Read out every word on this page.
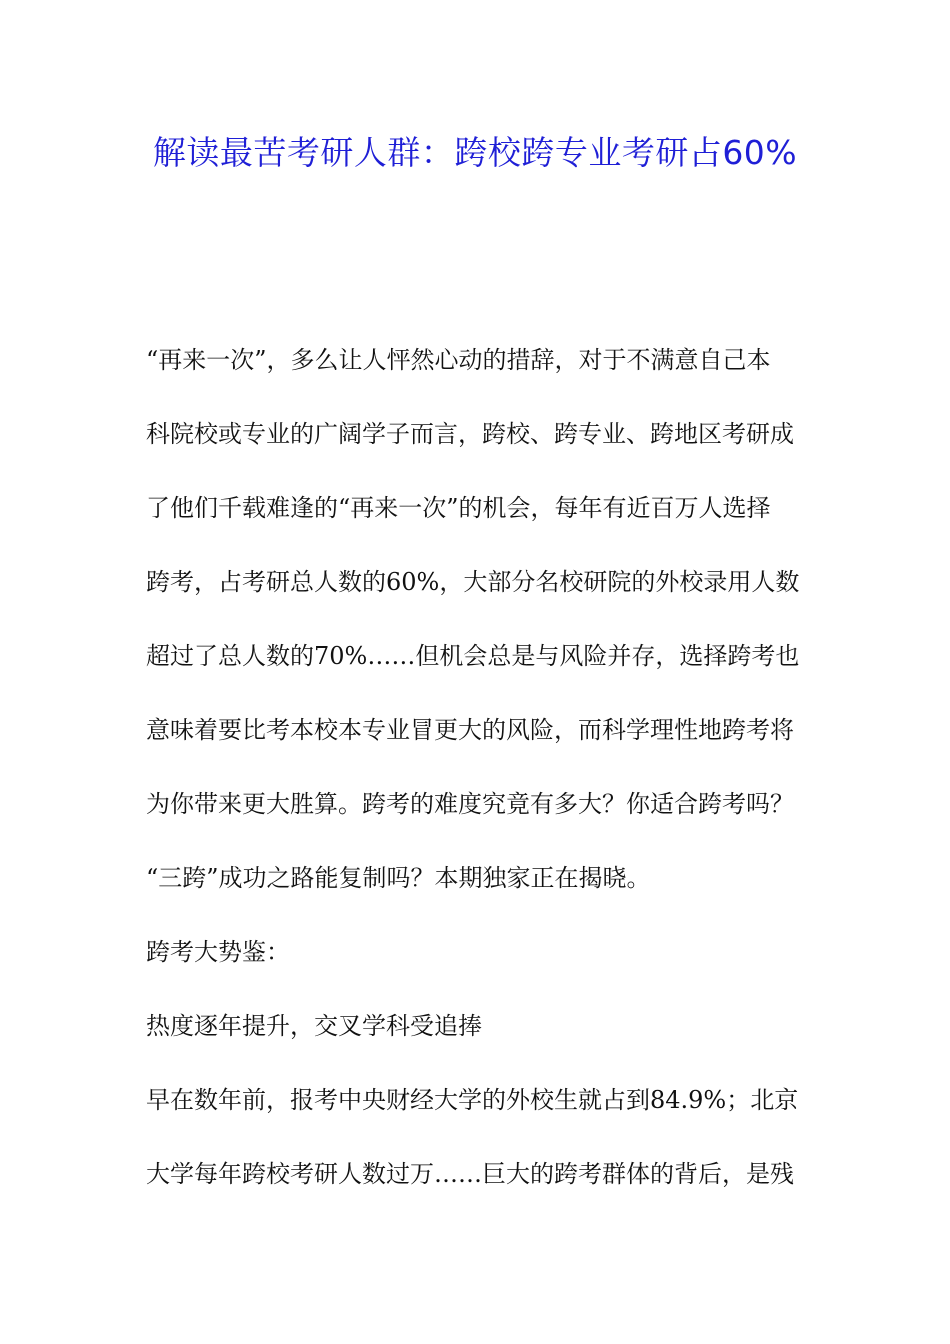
解读最苦考研人群：跨校跨专业考研占60%
“再来一次”，多么让人怦然心动的措辞，对于不满意自己本
科院校或专业的广阔学子而言，跨校、跨专业、跨地区考研成
了他们千载难逢的“再来一次”的机会，每年有近百万人选择
跨考，占考研总人数的60%，大部分名校研院的外校录用人数
超过了总人数的70%……但机会总是与风险并存，选择跨考也
意味着要比考本校本专业冒更大的风险，而科学理性地跨考将
为你带来更大胜算。跨考的难度究竟有多大？你适合跨考吗？
“三跨”成功之路能复制吗？本期独家正在揭晓。
跨考大势鉴：
热度逐年提升，交叉学科受追捧
早在数年前，报考中央财经大学的外校生就占到84.9%；北京
大学每年跨校考研人数过万……巨大的跨考群体的背后，是残
